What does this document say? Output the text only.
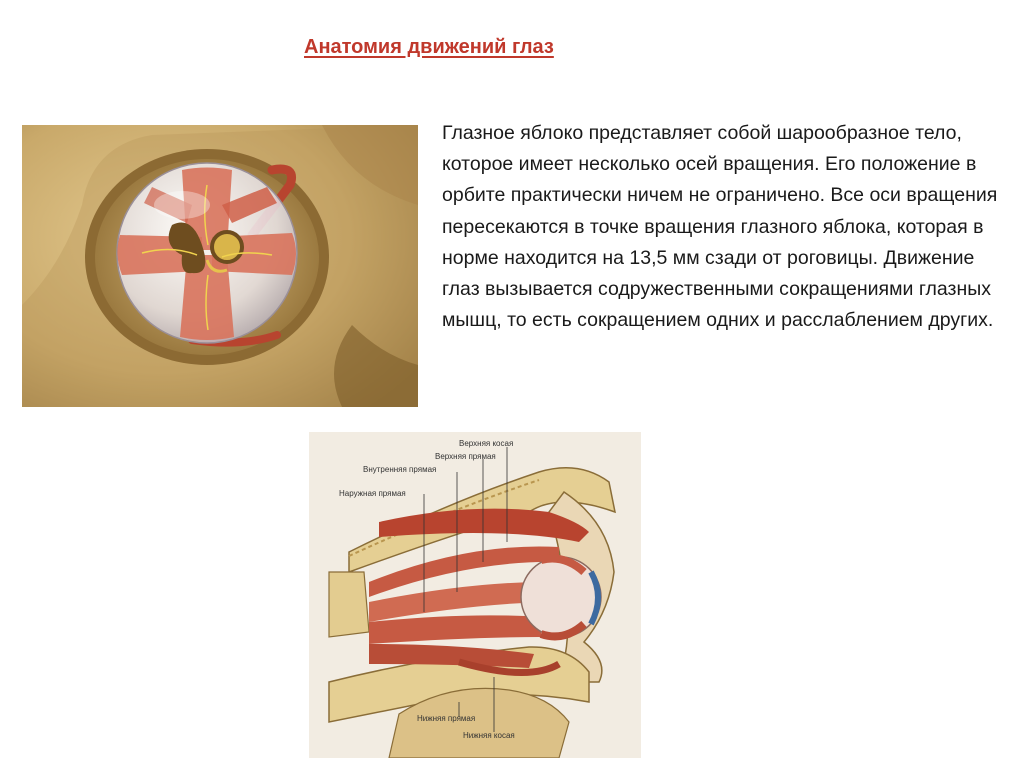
Анатомия движений глаз
Глазное яблоко представляет собой шарообразное тело, которое имеет несколько осей вращения. Его положение в орбите практически ничем не ограничено. Все оси вращения пересекаются в точке вращения глазного яблока, которая в норме находится на 13,5 мм сзади от роговицы. Движение глаз вызывается содружественными сокращениями глазных мышц, то есть сокращением одних и расслаблением других.
Верхняя косая
Верхняя прямая
Внутренняя прямая
Наружная прямая
Нижняя прямая
Нижняя косая
